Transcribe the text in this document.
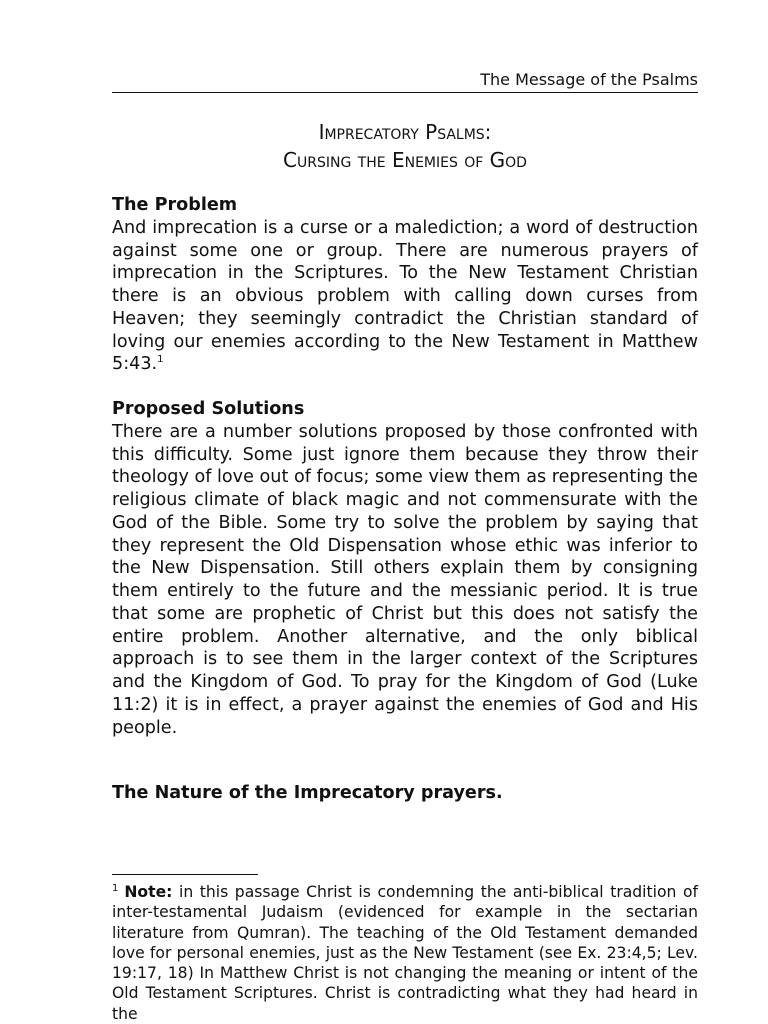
The Message of the Psalms
Imprecatory Psalms:
Cursing the Enemies of God
The Problem

And imprecation is a curse or a malediction; a word of destruction against some one or group. There are numerous prayers of imprecation in the Scriptures. To the New Testament Christian there is an obvious problem with calling down curses from Heaven; they seemingly contradict the Christian standard of loving our enemies according to the New Testament in Matthew 5:43.$^1$

Proposed Solutions

There are a number solutions proposed by those confronted with this difficulty. Some just ignore them because they throw their theology of love out of focus; some view them as representing the religious climate of black magic and not commensurate with the God of the Bible. Some try to solve the problem by saying that they represent the Old Dispensation whose ethic was inferior to the New Dispensation. Still others explain them by consigning them entirely to the future and the messianic period. It is true that some are prophetic of Christ but this does not satisfy the entire problem. Another alternative, and the only biblical approach is to see them in the larger context of the Scriptures and the Kingdom of God. To pray for the Kingdom of God (Luke 11:2) it is in effect, a prayer against the enemies of God and His people.

The Nature of the Imprecatory prayers.

$^1$ Note: in this passage Christ is condemning the anti-biblical tradition of inter-testamental Judaism (evidenced for example in the sectarian literature from Qumran). The teaching of the Old Testament demanded love for personal enemies, just as the New Testament (see Ex. 23:4,5; Lev. 19:17, 18) In Matthew Christ is not changing the meaning or intent of the Old Testament Scriptures. Christ is contradicting what they had heard in the
